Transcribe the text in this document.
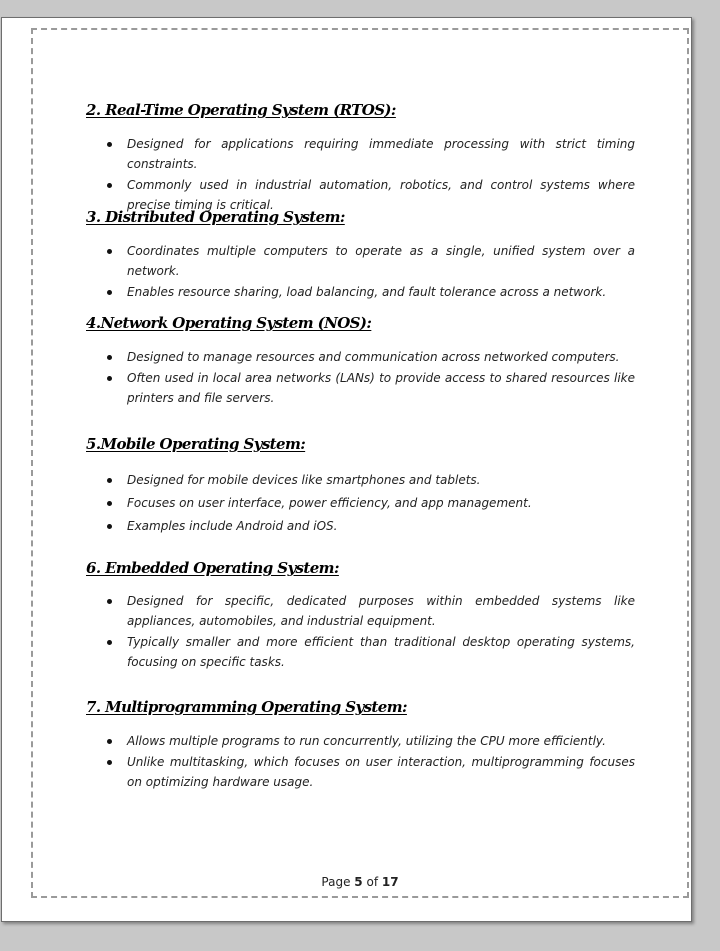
2. Real-Time Operating System (RTOS):
Designed for applications requiring immediate processing with strict timing constraints.
Commonly used in industrial automation, robotics, and control systems where precise timing is critical.
3. Distributed Operating System:
Coordinates multiple computers to operate as a single, unified system over a network.
Enables resource sharing, load balancing, and fault tolerance across a network.
4.Network Operating System (NOS):
Designed to manage resources and communication across networked computers.
Often used in local area networks (LANs) to provide access to shared resources like printers and file servers.
5.Mobile Operating System:
Designed for mobile devices like smartphones and tablets.
Focuses on user interface, power efficiency, and app management.
Examples include Android and iOS.
6. Embedded Operating System:
Designed for specific, dedicated purposes within embedded systems like appliances, automobiles, and industrial equipment.
Typically smaller and more efficient than traditional desktop operating systems, focusing on specific tasks.
7. Multiprogramming Operating System:
Allows multiple programs to run concurrently, utilizing the CPU more efficiently.
Unlike multitasking, which focuses on user interaction, multiprogramming focuses on optimizing hardware usage.
Page 5 of 17
